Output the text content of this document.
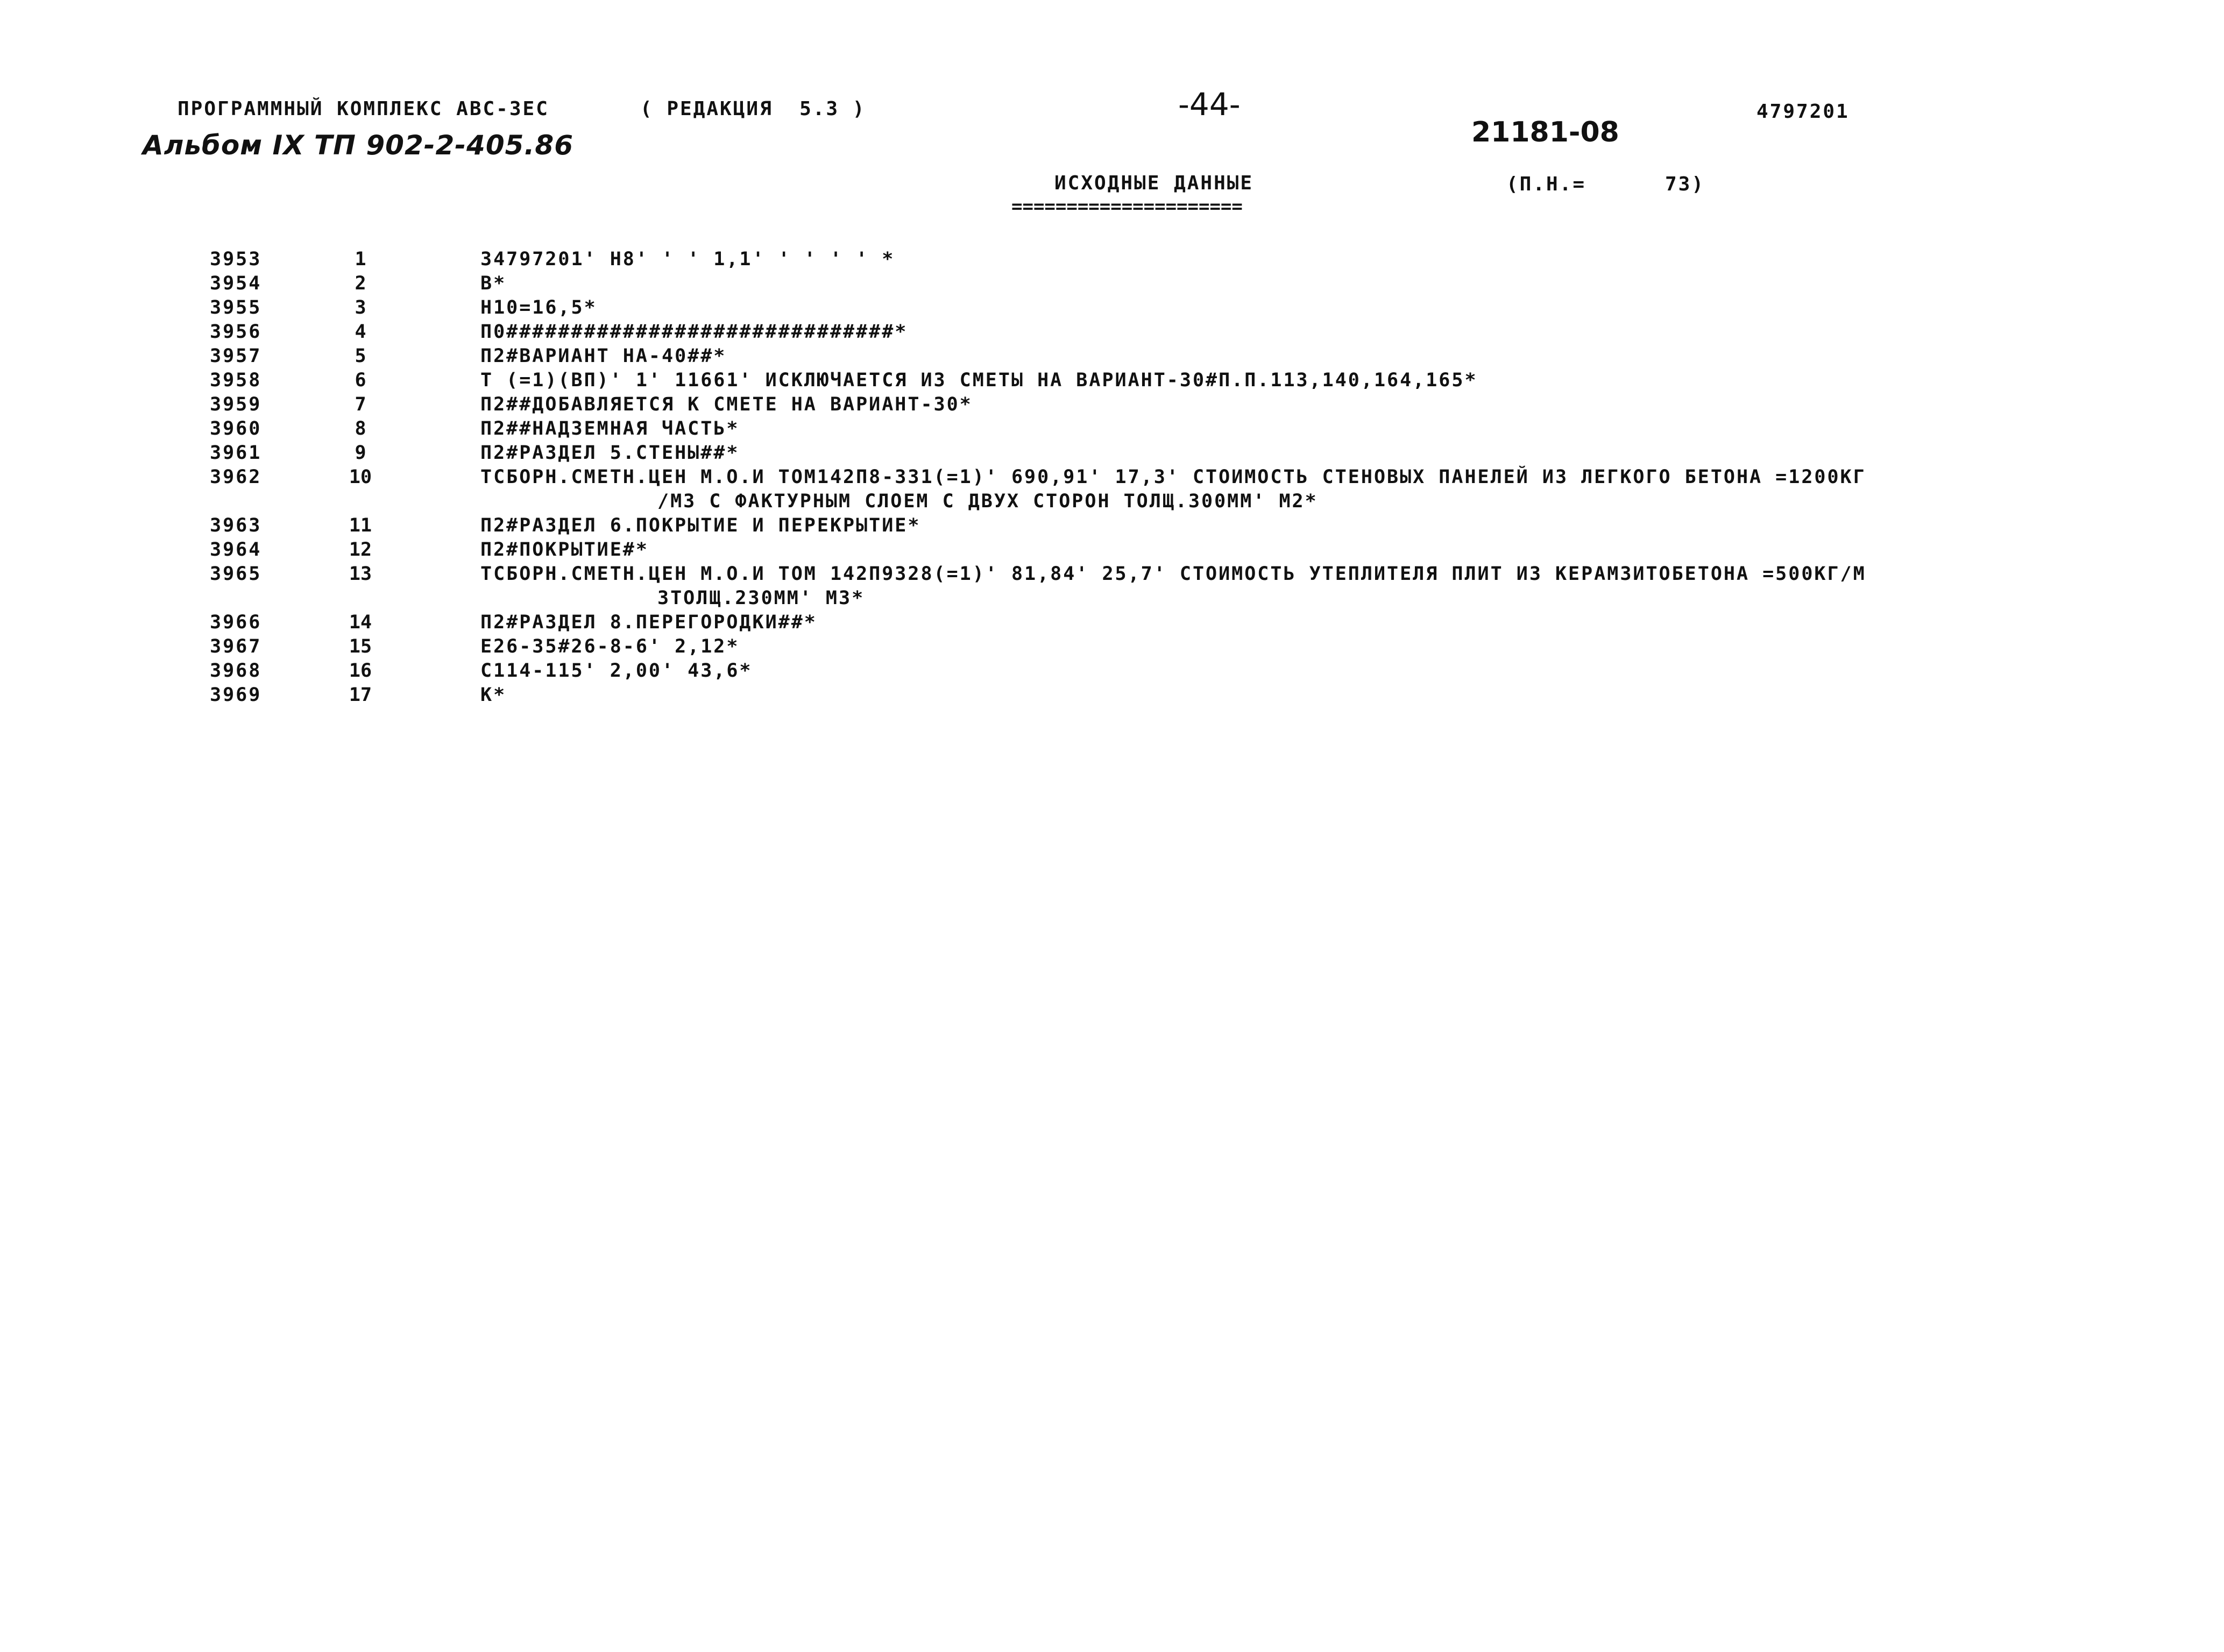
ПРОГРАММНЫЙ КОМПЛЕКС АВС-ЗЕС	( РЕДАКЦИЯ  5.3 )	-44-	4797201
Альбом IX ТП 902-2-405.86	21181-08
ИСХОДНЫЕ ДАННЫЕ
=====================
(П.Н.=	73)
3953	1	34797201' Н8' ' ' 1,1' ' ' ' ' *
3954	2	В*
3955	3	Н10=16,5*
3956	4	П0##############################*
3957	5	П2#ВАРИАНТ НА-40##*
3958	6	Т (=1)(ВП)' 1' 11661' ИСКЛЮЧАЕТСЯ ИЗ СМЕТЫ НА ВАРИАНТ-30#П.П.113,140,164,165*
3959	7	П2##ДОБАВЛЯЕТСЯ К СМЕТЕ НА ВАРИАНТ-30*
3960	8	П2##НАДЗЕМНАЯ ЧАСТЬ*
3961	9	П2#РАЗДЕЛ 5.СТЕНЫ##*
3962	10	ТСБОРН.СМЕТН.ЦЕН М.О.И ТОМ142П8-331(=1)' 690,91' 17,3' СТОИМОСТЬ СТЕНОВЫХ ПАНЕЛЕЙ ИЗ ЛЕГКОГО БЕТОНА =1200КГ
/М3 С ФАКТУРНЫМ СЛОЕМ С ДВУХ СТОРОН ТОЛЩ.300ММ' М2*
3963	11	П2#РАЗДЕЛ 6.ПОКРЫТИЕ И ПЕРЕКРЫТИЕ*
3964	12	П2#ПОКРЫТИЕ#*
3965	13	ТСБОРН.СМЕТН.ЦЕН М.О.И ТОМ 142П9328(=1)' 81,84' 25,7' СТОИМОСТЬ УТЕПЛИТЕЛЯ ПЛИТ ИЗ КЕРАМЗИТОБЕТОНА =500КГ/М
3ТОЛЩ.230ММ' М3*
3966	14	П2#РАЗДЕЛ 8.ПЕРЕГОРОДКИ##*
3967	15	Е26-35#26-8-6' 2,12*
3968	16	С114-115' 2,00' 43,6*
3969	17	К*
